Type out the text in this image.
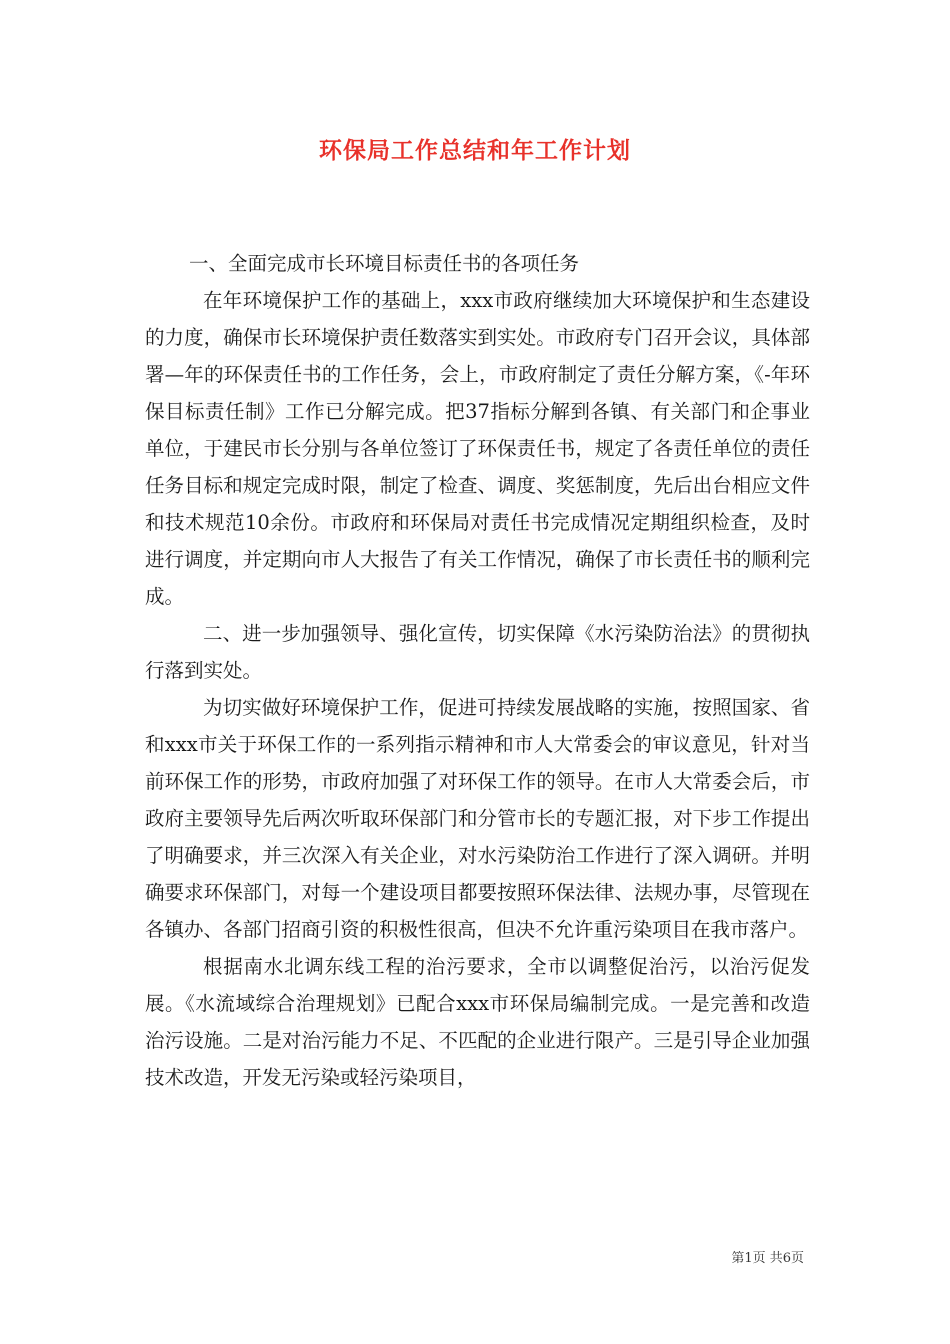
环保局工作总结和年工作计划

一、全面完成市长环境目标责任书的各项任务

在年环境保护工作的基础上，xxx市政府继续加大环境保护和生态建设的力度，确保市长环境保护责任数落实到实处。市政府专门召开会议，具体部署—年的环保责任书的工作任务，会上，市政府制定了责任分解方案，《-年环保目标责任制》工作已分解完成。把37指标分解到各镇、有关部门和企事业单位，于建民市长分别与各单位签订了环保责任书，规定了各责任单位的责任任务目标和规定完成时限，制定了检查、调度、奖惩制度，先后出台相应文件和技术规范10余份。市政府和环保局对责任书完成情况定期组织检查，及时进行调度，并定期向市人大报告了有关工作情况，确保了市长责任书的顺利完成。

二、进一步加强领导、强化宣传，切实保障《水污染防治法》的贯彻执行落到实处。

为切实做好环境保护工作，促进可持续发展战略的实施，按照国家、省和xxx市关于环保工作的一系列指示精神和市人大常委会的审议意见，针对当前环保工作的形势，市政府加强了对环保工作的领导。在市人大常委会后，市政府主要领导先后两次听取环保部门和分管市长的专题汇报，对下步工作提出了明确要求，并三次深入有关企业，对水污染防治工作进行了深入调研。并明确要求环保部门，对每一个建设项目都要按照环保法律、法规办事，尽管现在各镇办、各部门招商引资的积极性很高，但决不允许重污染项目在我市落户。

根据南水北调东线工程的治污要求，全市以调整促治污，以治污促发展。《水流域综合治理规划》已配合xxx市环保局编制完成。一是完善和改造治污设施。二是对治污能力不足、不匹配的企业进行限产。三是引导企业加强技术改造，开发无污染或轻污染项目，

第1页 共6页
